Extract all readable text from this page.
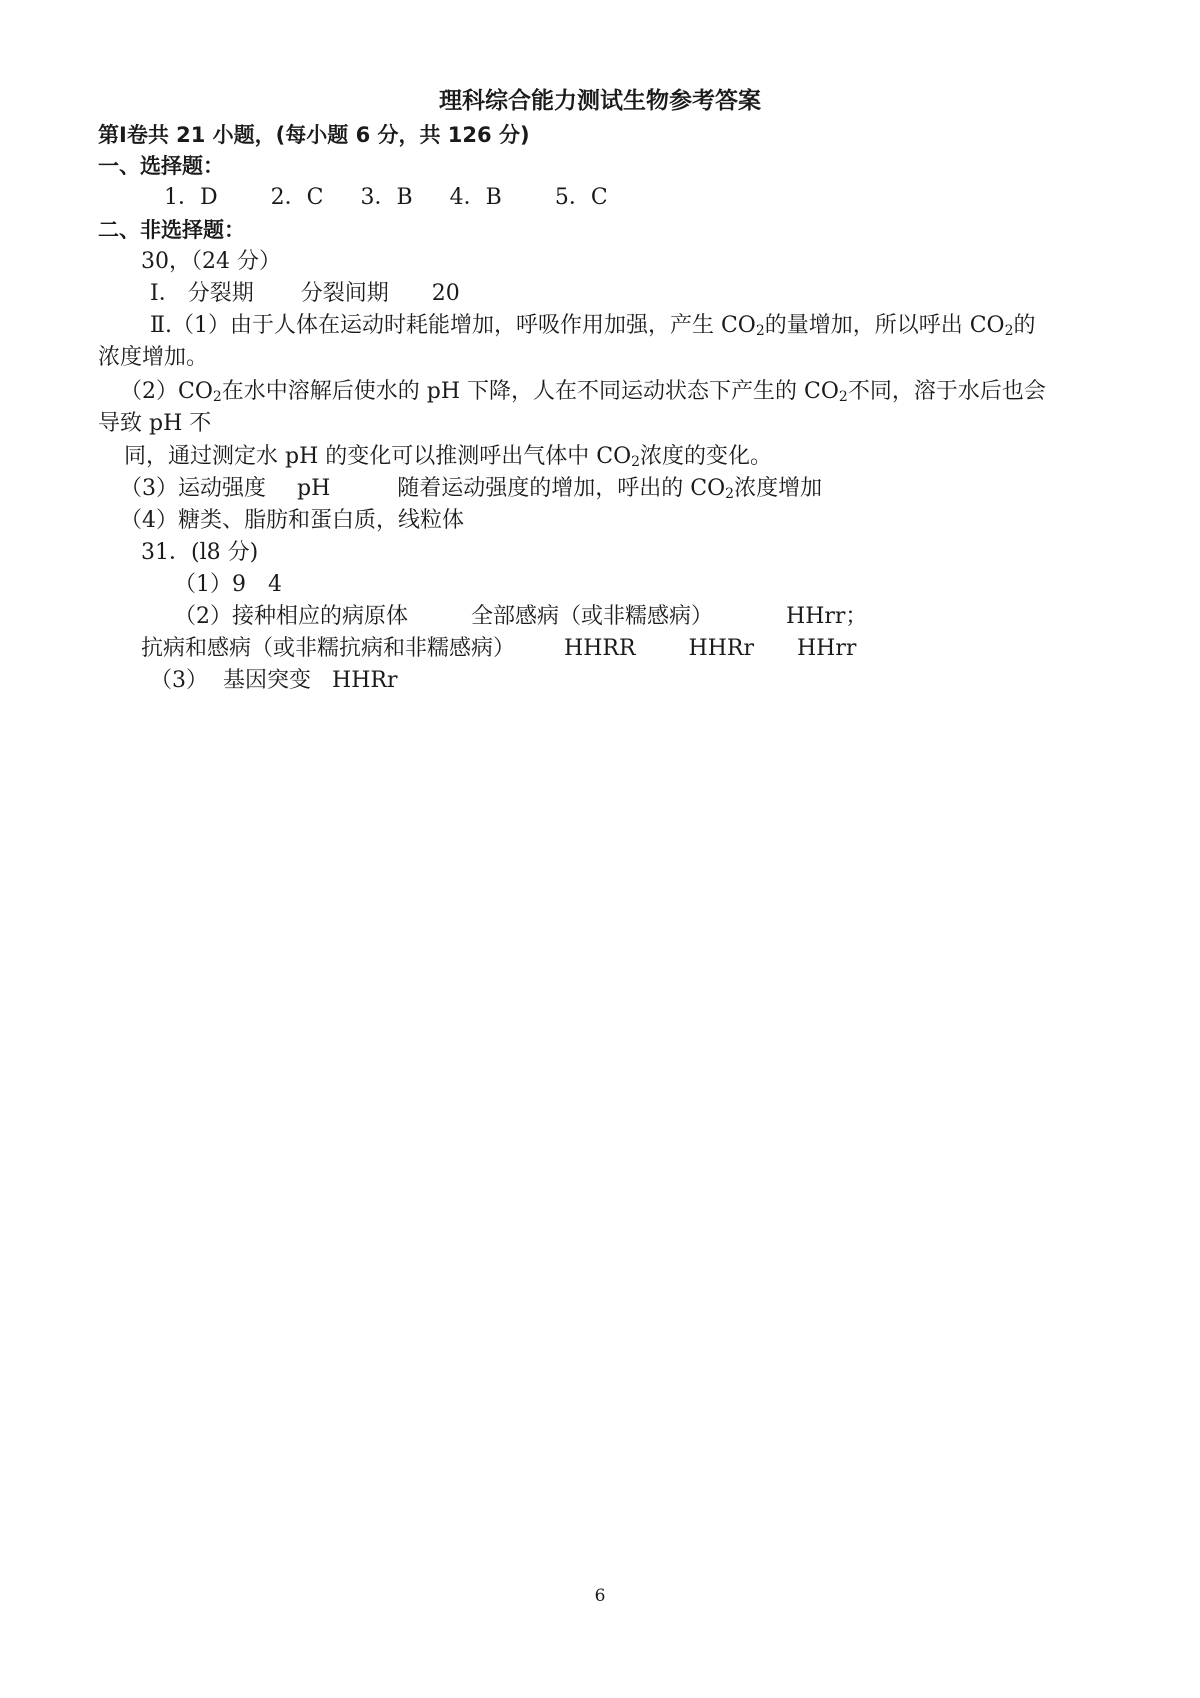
理科综合能力测试生物参考答案
第Ⅰ卷共 21 小题，(每小题 6 分，共 126 分)
一、选择题：
1．D 2．C 3．B 4．B 5．C
二、非选择题：
30，（24 分）
Ⅰ． 分裂期 分裂间期 20
Ⅱ.（1）由于人体在运动时耗能增加，呼吸作用加强，产生 $CO_2$的量增加，所以呼出 $CO_2$的
浓度增加。
$(2)CO_2$在水中溶解后使水的 pH 下降，人在不同运动状态下产生的 $CO_2$不同，溶于水后也会
导致 pH 不
同，通过测定水 pH 的变化可以推测呼出气体中 $CO_2$浓度的变化。
（3）运动强度 pH	随着运动强度的增加，呼出的 $CO_2$浓度增加
（4）糖类、脂肪和蛋白质，线粒体
31．(l8 分)
（1）9　4
（2）接种相应的病原体	全部感病（或非糯感病）	HHrr；
抗病和感病（或非糯抗病和非糯感病） HHRR HHRr HHrr
（3） 基因突变 HHRr
6
